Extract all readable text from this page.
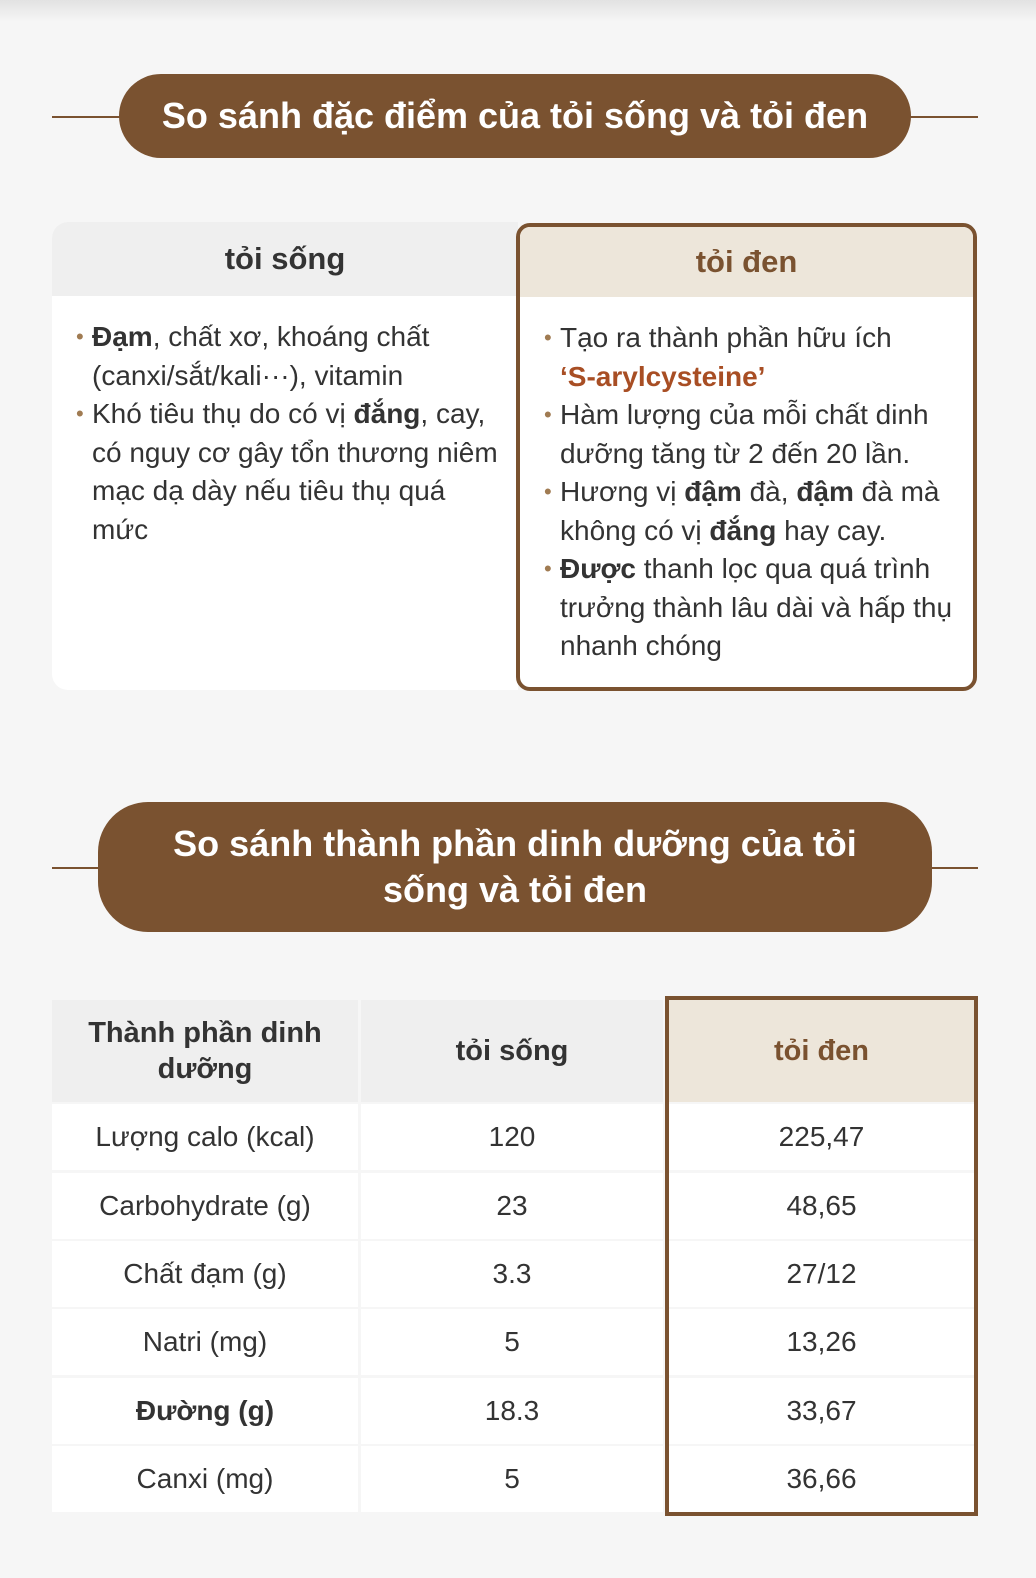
So sánh đặc điểm của tỏi sống và tỏi đen
tỏi sống
• Đạm, chất xơ, khoáng chất (canxi/sắt/kali···), vitamin
• Khó tiêu thụ do có vị đắng, cay, có nguy cơ gây tổn thương niêm mạc dạ dày nếu tiêu thụ quá mức
tỏi đen
• Tạo ra thành phần hữu ích
‘S-arylcysteine’
• Hàm lượng của mỗi chất dinh dưỡng tăng từ 2 đến 20 lần.
• Hương vị đậm đà, đậm đà mà không có vị đắng hay cay.
• Được thanh lọc qua quá trình trưởng thành lâu dài và hấp thụ nhanh chóng
So sánh thành phần dinh dưỡng của tỏi sống và tỏi đen
Thành phần dinh dưỡng
Lượng calo (kcal)
Carbohydrate (g)
Chất đạm (g)
Natri (mg)
Đường (g)
Canxi (mg)
tỏi sống
120
23
3.3
5
18.3
5
tỏi đen
225,47
48,65
27/12
13,26
33,67
36,66
